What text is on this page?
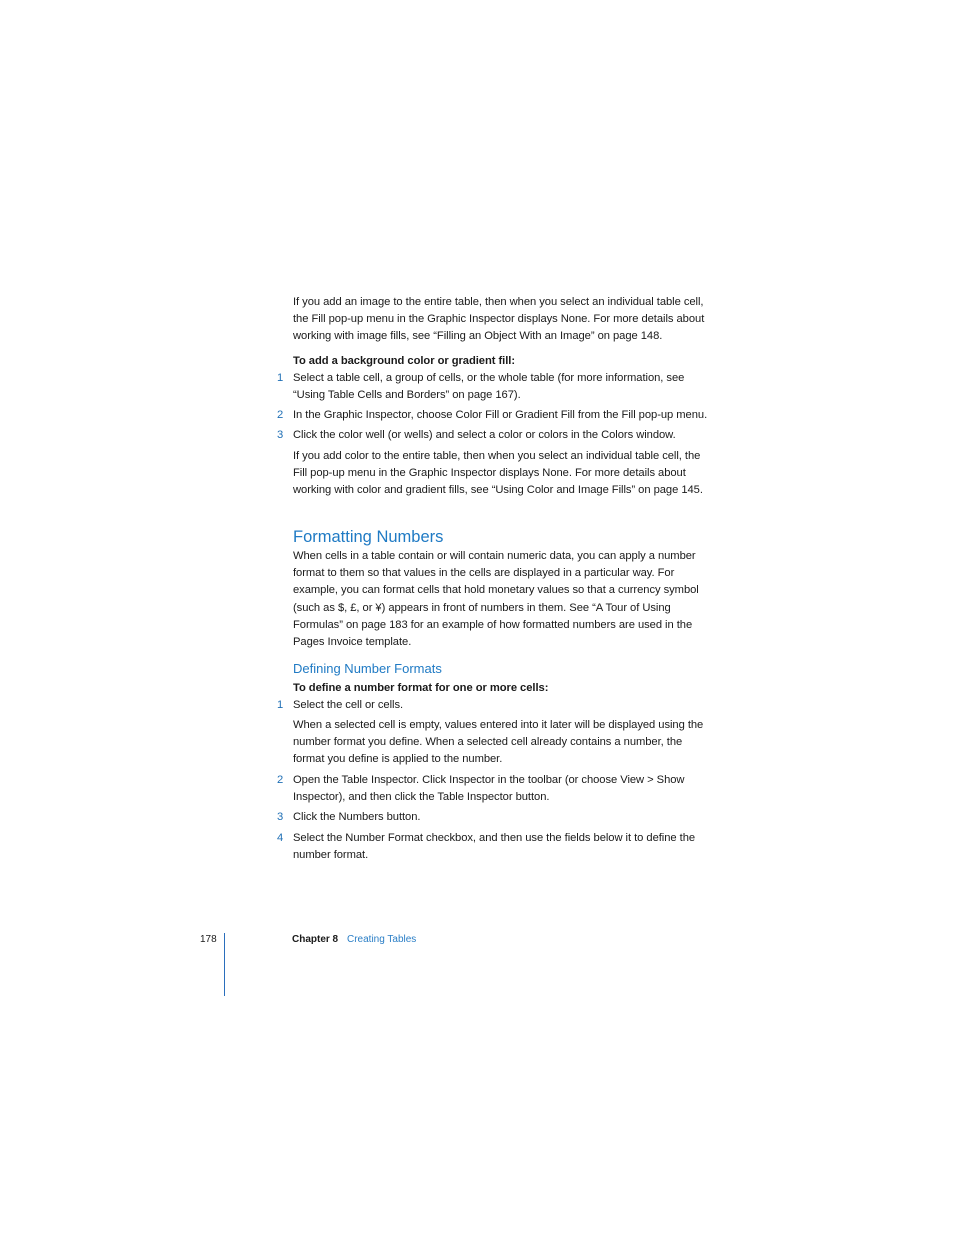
If you add an image to the entire table, then when you select an individual table cell,
the Fill pop-up menu in the Graphic Inspector displays None. For more details about
working with image fills, see “Filling an Object With an Image” on page 148.
To add a background color or gradient fill:
1 Select a table cell, a group of cells, or the whole table (for more information, see
“Using Table Cells and Borders” on page 167).
2 In the Graphic Inspector, choose Color Fill or Gradient Fill from the Fill pop-up menu.
3 Click the color well (or wells) and select a color or colors in the Colors window.
If you add color to the entire table, then when you select an individual table cell, the
Fill pop-up menu in the Graphic Inspector displays None. For more details about
working with color and gradient fills, see “Using Color and Image Fills” on page 145.
Formatting Numbers
When cells in a table contain or will contain numeric data, you can apply a number
format to them so that values in the cells are displayed in a particular way. For
example, you can format cells that hold monetary values so that a currency symbol
(such as $, £, or ¥) appears in front of numbers in them. See “A Tour of Using
Formulas” on page 183 for an example of how formatted numbers are used in the
Pages Invoice template.
Defining Number Formats
To define a number format for one or more cells:
1 Select the cell or cells.
When a selected cell is empty, values entered into it later will be displayed using the
number format you define. When a selected cell already contains a number, the
format you define is applied to the number.
2 Open the Table Inspector. Click Inspector in the toolbar (or choose View > Show
Inspector), and then click the Table Inspector button.
3 Click the Numbers button.
4 Select the Number Format checkbox, and then use the fields below it to define the
number format.
178	Chapter 8 Creating Tables
